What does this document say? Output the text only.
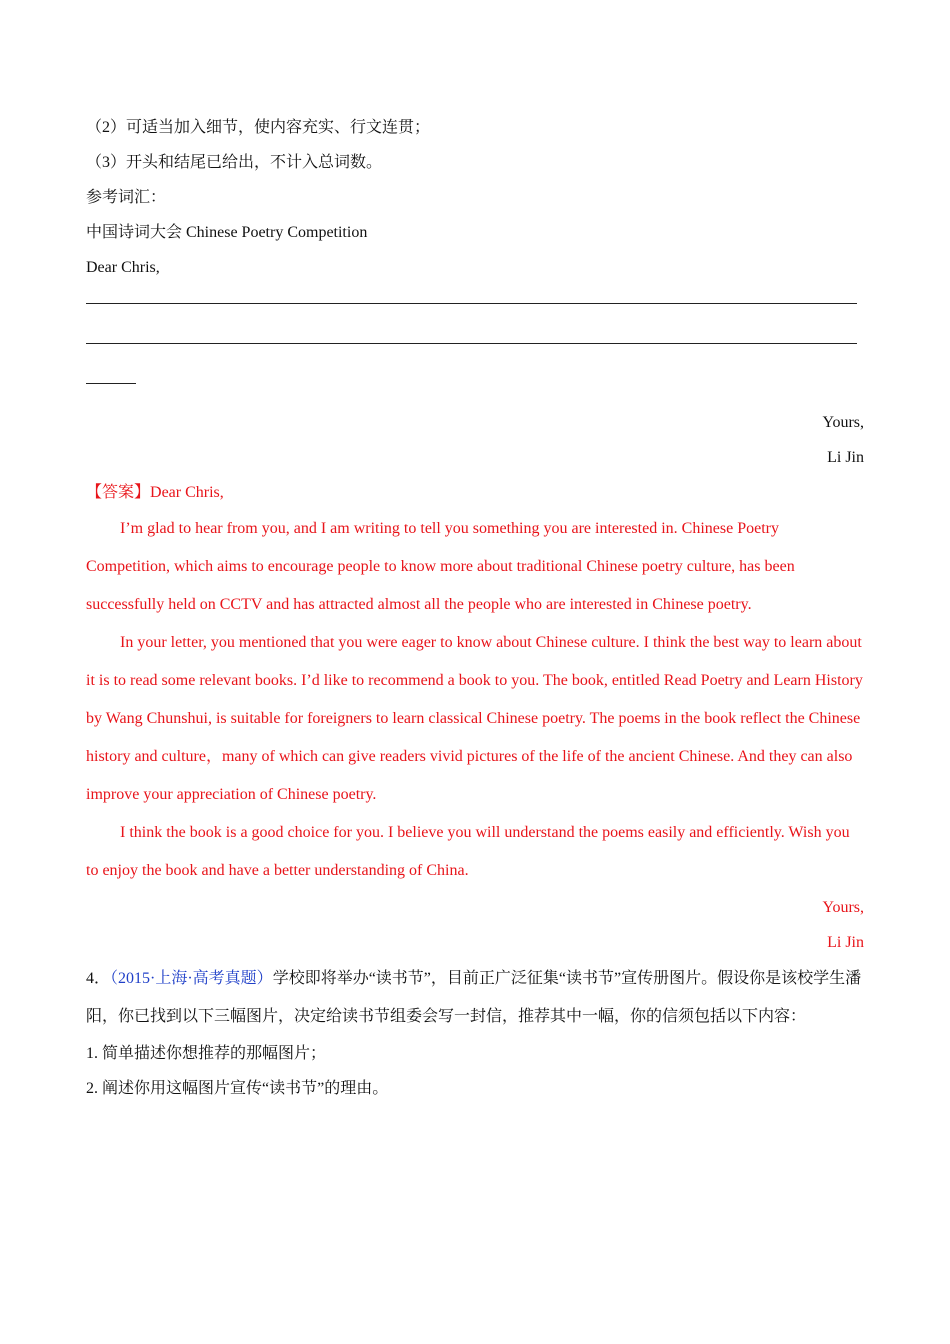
（2）可适当加入细节，使内容充实、行文连贯；
（3）开头和结尾已给出，不计入总词数。
参考词汇：
中国诗词大会 Chinese Poetry Competition
Dear Chris,
Yours,
Li Jin
【答案】Dear Chris,
I’m glad to hear from you, and I am writing to tell you something you are interested in. Chinese Poetry Competition, which aims to encourage people to know more about traditional Chinese poetry culture, has been successfully held on CCTV and has attracted almost all the people who are interested in Chinese poetry.
In your letter, you mentioned that you were eager to know about Chinese culture. I think the best way to learn about it is to read some relevant books. I’d like to recommend a book to you. The book, entitled Read Poetry and Learn History by Wang Chunshui, is suitable for foreigners to learn classical Chinese poetry. The poems in the book reflect the Chinese history and culture，many of which can give readers vivid pictures of the life of the ancient Chinese. And they can also improve your appreciation of Chinese poetry.
I think the book is a good choice for you. I believe you will understand the poems easily and efficiently. Wish you to enjoy the book and have a better understanding of China.
Yours,
Li Jin
4．（2015·上海·高考真题）学校即将举办“读书节”，目前正广泛征集“读书节”宣传册图片。假设你是该校学生潘阳，你已找到以下三幅图片，决定给读书节组委会写一封信，推荐其中一幅，你的信须包括以下内容：
1. 简单描述你想推荐的那幅图片；
2. 阐述你用这幅图片宣传“读书节”的理由。
